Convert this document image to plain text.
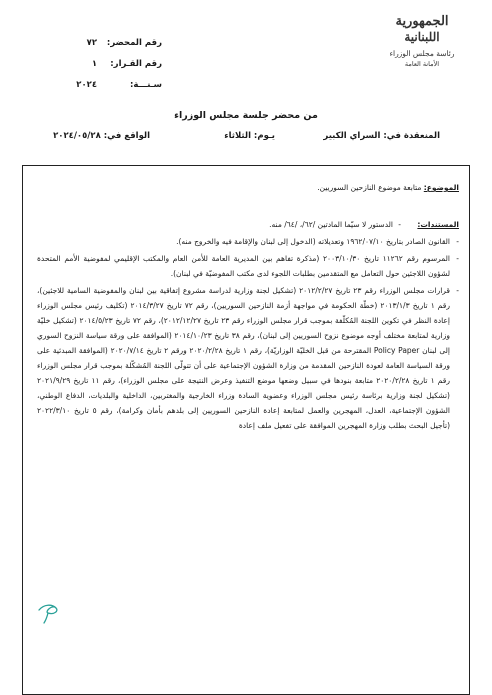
الجمهورية
اللبنانية
رئاسة مجلس الوزراء
الأمانة العامة
رقم المحضر: ٧٢
رقم القـرار: ١
سـنـــة: ٢٠٢٤
من محضر جلسة مجلس الوزراء
المنعقدة في: السراي الكبير
يـوم: الثلاثاء
الواقع في: ٢٠٢٤/٠٥/٢٨
الموضوع: متابعة موضوع النازحين السوريين.
المستندات:
-
الدستور لا سيّما المادتين /٦٢/، /٦٤/ منه.
- القانون الصادر بتاريخ ١٩٦٢/٠٧/١٠ وتعديلاته (الدخول إلى لبنان والإقامة فيه والخروج منه).
- المرسوم رقم ١١٢٦٢ تاريخ ٢٠٠٣/١٠/٣٠ (مذكرة تفاهم بين المديرية العامة للأمن العام والمكتب الإقليمي لمفوضية الأمم المتحدة لشؤون اللاجئين حول التعامل مع المتقدمين بطلبات اللجوء لدى مكتب المفوضيّة في لبنان).
- قرارات مجلس الوزراء رقم ٢٣ تاريخ ٢٠١٢/٢/٢٧ (تشكيل لجنة وزارية لدراسة مشروع إتفاقية بين لبنان والمفوضية السامية للاجئين)، رقم ١ تاريخ ٢٠١٣/١/٣ (خطّة الحكومة في مواجهة أزمة النازحين السوريين)، رقم ٧٢ تاريخ ٢٠١٤/٣/٢٧ (تكليف رئيس مجلس الوزراء إعادة النظر في تكوين اللجنة المُكلّفة بموجب قرار مجلس الوزراء رقم ٢٣ تاريخ ٢٠١٢/١٢/٢٧)، رقم ٧٢ تاريخ ٢٠١٤/٥/٢٣ (تشكيل خليّة وزارية لمتابعة مختلف أوجه موضوع نزوح السوريين إلى لبنان)، رقم ٣٨ تاريخ ٢٠١٤/١٠/٢٣ (الموافقة على ورقة سياسة النزوح السوري إلى لبنان Policy Paper المقترحة من قبل الخليّة الوزاريّة)، رقم ١ تاريخ ٢٠٢٠/٢/٢٨ ورقم ٢ تاريخ ٢٠٢٠/٧/١٤ (الموافقة المبدئية على ورقة السياسة العامة لعودة النازحين المقدمة من وزارة الشؤون الإجتماعية على أن تتولّى اللجنة المُشكّلة بموجب قرار مجلس الوزراء رقم ١ تاريخ ٢٠٢٠/٢/٢٨ متابعة بنودها في سبيل وضعها موضع التنفيذ وعرض النتيجة على مجلس الوزراء)، رقم ١١ تاريخ ٢٠٢١/٩/٢٩ (تشكيل لجنة وزارية برئاسة رئيس مجلس الوزراء وعضوية السادة وزراء الخارجية والمغتربين، الداخلية والبلديات، الدفاع الوطني، الشؤون الإجتماعية، العدل، المهجرين والعمل لمتابعة إعادة النازحين السوريين إلى بلدهم بأمان وكرامة)، رقم ٥ تاريخ ٢٠٢٢/٣/١٠ (تأجيل البحث بطلب وزارة المهجرين الموافقة على تفعيل ملف إعادة
